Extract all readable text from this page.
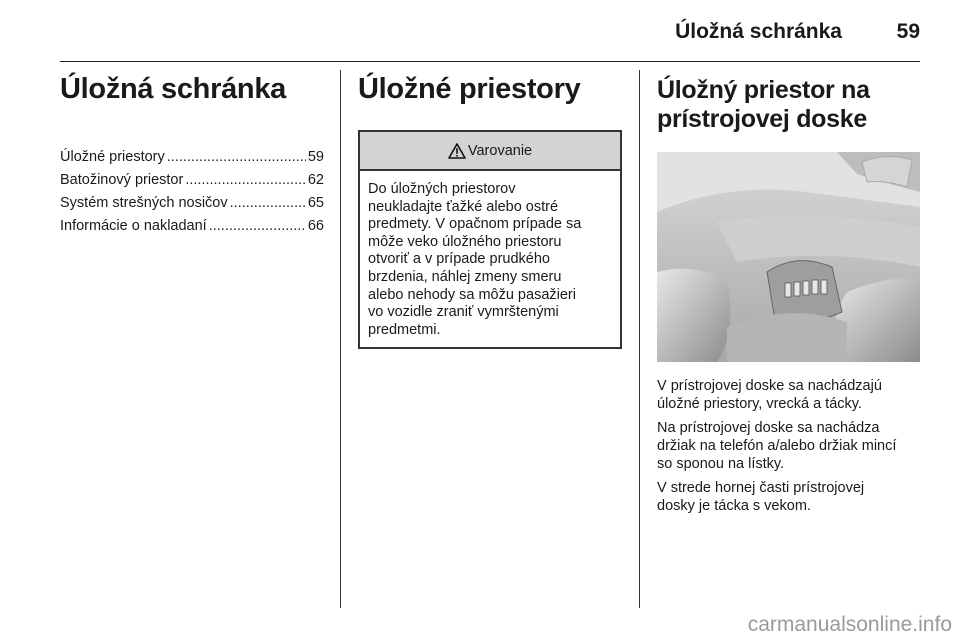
Úložná schránka	59
Úložná schránka
Úložné priestory .....	59
Batožinový priestor .....	62
Systém strešných nosičov .....	65
Informácie o nakladaní .....	66
Úložné priestory
Varovanie
Do úložných priestorov
neukladajte ťažké alebo ostré
predmety. V opačnom prípade sa
môže veko úložného priestoru
otvoriť a v prípade prudkého
brzdenia, náhlej zmeny smeru
alebo nehody sa môžu pasažieri
vo vozidle zraniť vymrštenými
predmetmi.
Úložný priestor na
prístrojovej doske

V prístrojovej doske sa nachádzajú
úložné priestory, vrecká a tácky.

Na prístrojovej doske sa nachádza
držiak na telefón a/alebo držiak mincí
so sponou na lístky.

V strede hornej časti prístrojovej
dosky je tácka s vekom.

carmanualsonline.info
